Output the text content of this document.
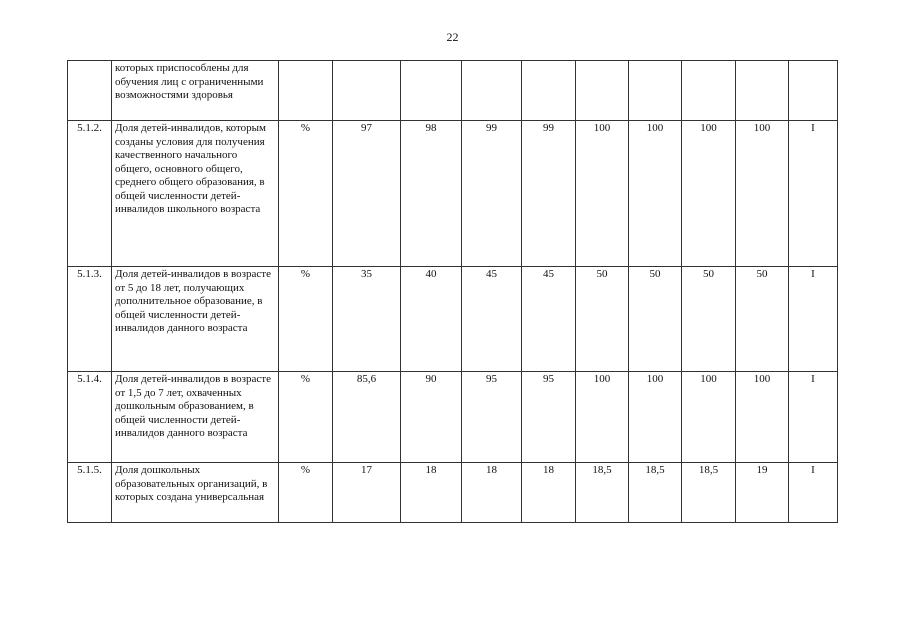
22
	которых приспособлены для обучения лиц с ограниченными возможностями здоровья										
5.1.2.	Доля детей-инвалидов, которым созданы условия для получения качественного начального общего, основного общего, среднего общего образования, в общей численности детей-инвалидов школьного возраста	%	97	98	99	99	100	100	100	100	I
5.1.3.	Доля детей-инвалидов в возрасте от 5 до 18 лет, получающих дополнительное образование, в общей численности детей-инвалидов данного возраста	%	35	40	45	45	50	50	50	50	I
5.1.4.	Доля детей-инвалидов в возрасте от 1,5 до 7 лет, охваченных дошкольным образованием, в общей численности детей-инвалидов данного возраста	%	85,6	90	95	95	100	100	100	100	I
5.1.5.	Доля дошкольных образовательных организаций, в которых создана универсальная	%	17	18	18	18	18,5	18,5	18,5	19	I
